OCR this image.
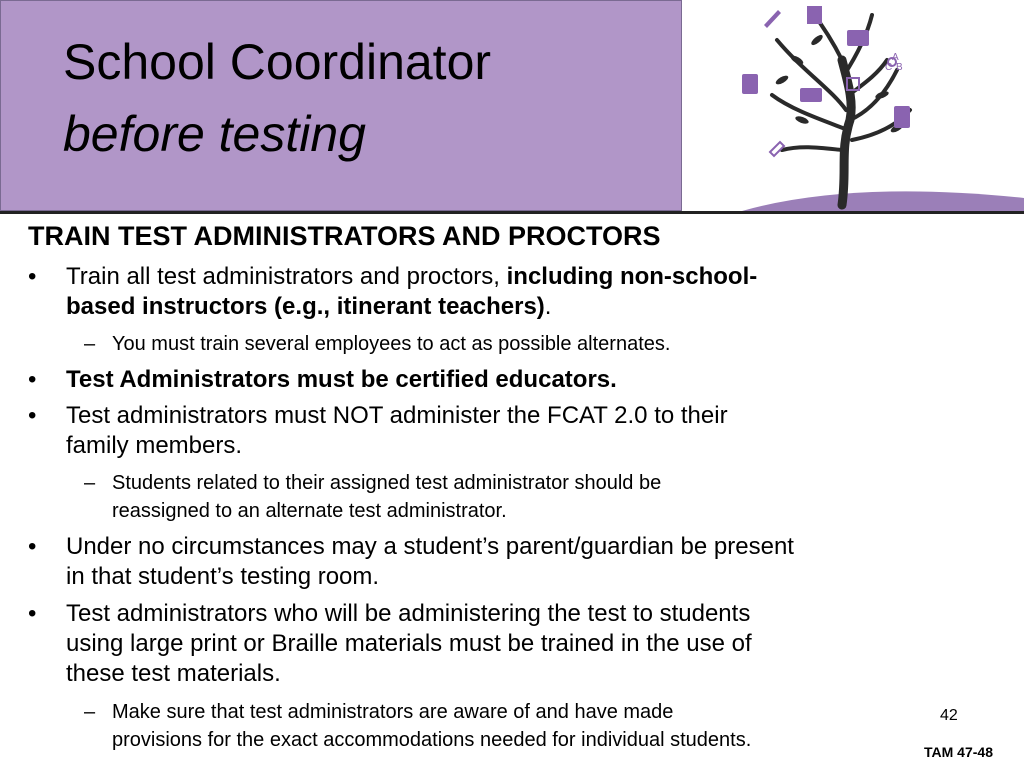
School Coordinator
before testing
A
C B
TRAIN TEST ADMINISTRATORS AND PROCTORS
•	Train all test administrators and proctors, including non-school-
based instructors (e.g., itinerant teachers).
– You must train several employees to act as possible alternates.
•	Test Administrators must be certified educators.
•	Test administrators must NOT administer the FCAT 2.0 to their
family members.
– Students related to their assigned test administrator should be
reassigned to an alternate test administrator.
•	Under no circumstances may a student’s parent/guardian be present
in that student’s testing room.
•	Test administrators who will be administering the test to students
using large print or Braille materials must be trained in the use of
these test materials.
– Make sure that test administrators are aware of and have made
provisions for the exact accommodations needed for individual students.
42
TAM 47-48
